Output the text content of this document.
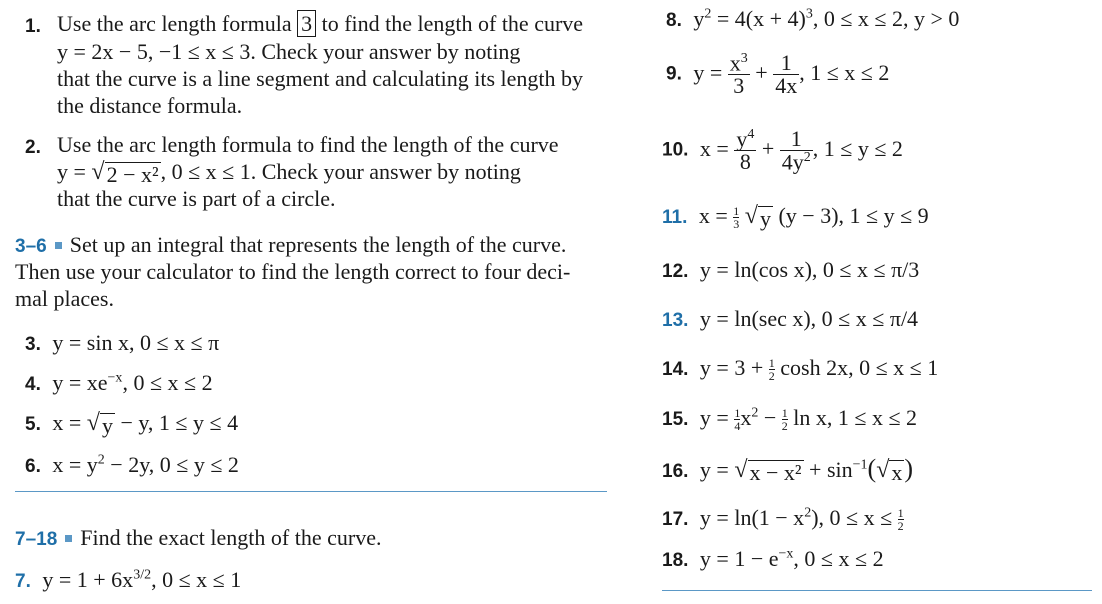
1. Use the arc length formula 3 to find the length of the curve
y = 2x − 5, −1 ≤ x ≤ 3. Check your answer by noting
that the curve is a line segment and calculating its length by
the distance formula.
2. Use the arc length formula to find the length of the curve
y = √ 2 − x² , 0 ≤ x ≤ 1. Check your answer by noting
that the curve is part of a circle.
3–6 Set up an integral that represents the length of the curve.
Then use your calculator to find the length correct to four deci-
mal places.
3. y = sin x, 0 ≤ x ≤ π
4. $y = xe^{-x}$, 0 ≤ x ≤ 2
5. x = √ y − y, 1 ≤ y ≤ 4
6. $x = y^2 - 2y$, 0 ≤ y ≤ 2
7–18 Find the exact length of the curve.
7. $y = 1 + 6x^{3/2}$, 0 ≤ x ≤ 1
8. $y^2 = 4(x + 4)^3$, 0 ≤ x ≤ 2, y > 0
9. $y = \frac{x^3}{3} + \frac{1}{4x}$ , 1 ≤ x ≤ 2
10. $x = \frac{y^4}{8} + \frac{1}{4y^2}$ , 1 ≤ y ≤ 2
11. $x = \frac{1}{3}$
√ y (y − 3), 1 ≤ y ≤ 9
12. y = ln(cos x), 0 ≤ x ≤ π/3
13. y = ln(sec x), 0 ≤ x ≤ π/4
14. $y = 3 + \frac{1}{2}$ cosh 2x, 0 ≤ x ≤ 1
15. $y = \frac{1}{4} x^2 - \frac{1}{2}$ ln x, 1 ≤ x ≤ 2
16. y = √ $x - x^2 + \sin^{-1}$( √ x )
17. $y = \ln(1 - x^2)$, $0 \le x \le \frac{1}{2}$
18. $y = 1 - e^{-x}$, 0 ≤ x ≤ 2
